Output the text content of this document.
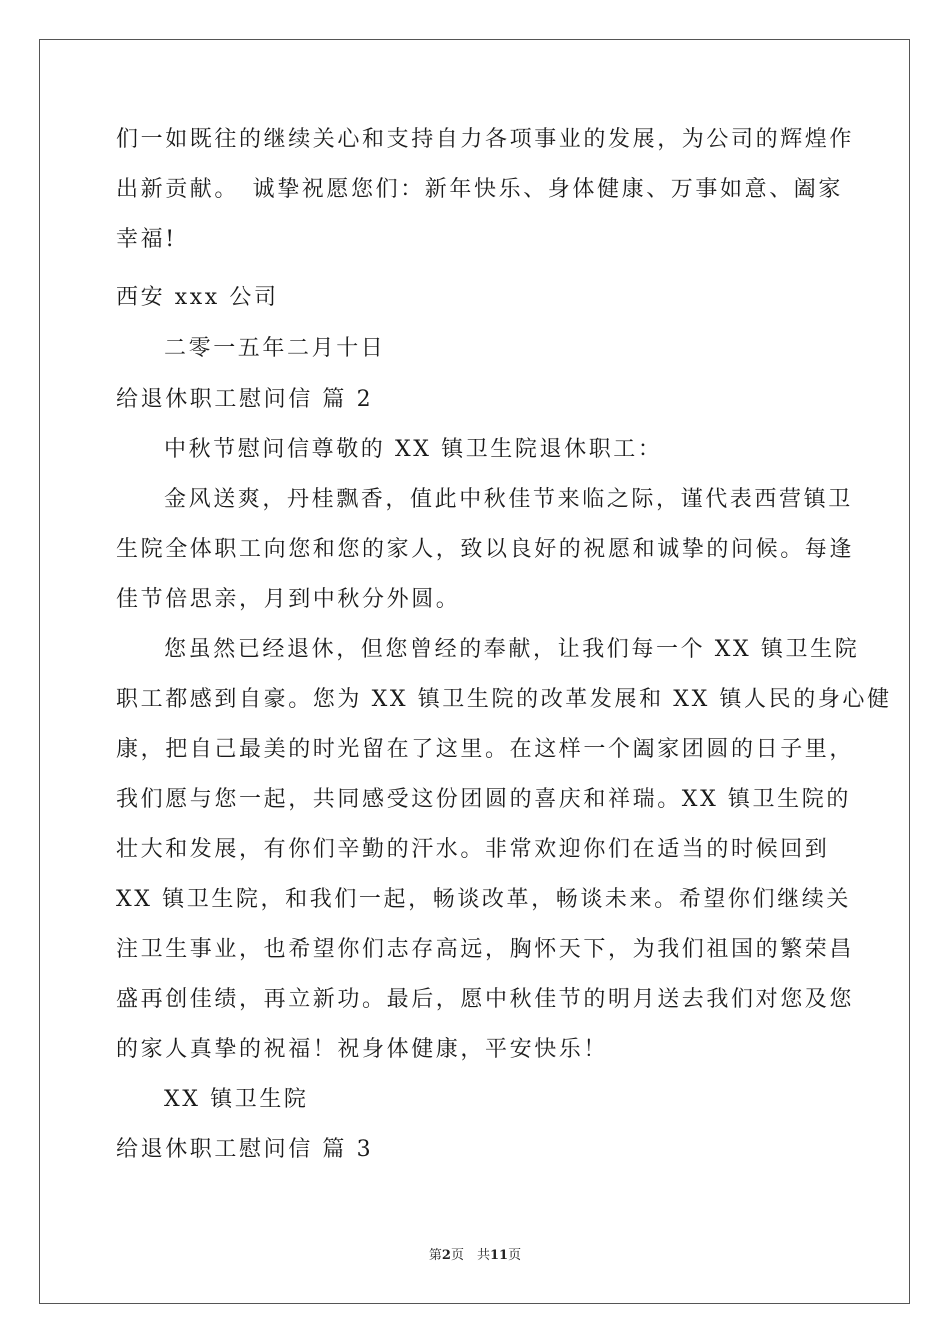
们一如既往的继续关心和支持自力各项事业的发展，为公司的辉煌作
出新贡献。　诚挚祝愿您们：新年快乐、身体健康、万事如意、阖家
幸福!
西安 xxx 公司
二零一五年二月十日
给退休职工慰问信 篇 2
中秋节慰问信尊敬的 XX 镇卫生院退休职工：
金风送爽，丹桂飘香，值此中秋佳节来临之际，谨代表西营镇卫
生院全体职工向您和您的家人，致以良好的祝愿和诚挚的问候。每逢
佳节倍思亲，月到中秋分外圆。
您虽然已经退休，但您曾经的奉献，让我们每一个 XX 镇卫生院
职工都感到自豪。您为 XX 镇卫生院的改革发展和 XX 镇人民的身心健
康，把自己最美的时光留在了这里。在这样一个阖家团圆的日子里，
我们愿与您一起，共同感受这份团圆的喜庆和祥瑞。XX 镇卫生院的
壮大和发展，有你们辛勤的汗水。非常欢迎你们在适当的时候回到
XX 镇卫生院，和我们一起，畅谈改革，畅谈未来。希望你们继续关
注卫生事业，也希望你们志存高远，胸怀天下，为我们祖国的繁荣昌
盛再创佳绩，再立新功。最后，愿中秋佳节的明月送去我们对您及您
的家人真挚的祝福！祝身体健康，平安快乐！
XX 镇卫生院
给退休职工慰问信 篇 3
第2页　共11页
